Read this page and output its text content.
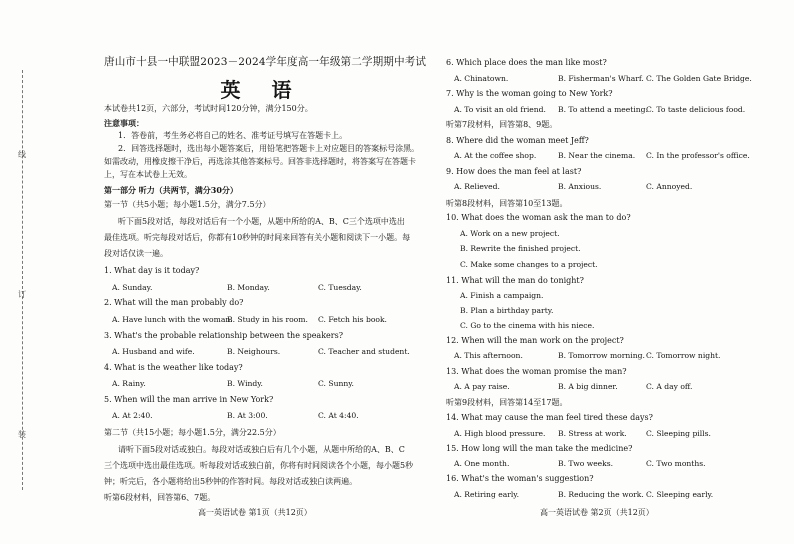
线
订
装
唐山市十县一中联盟2023－2024学年度高一年级第二学期期中考试
英 语
本试卷共12页，六部分，考试时间120分钟，满分150分。
注意事项：
1．答卷前，考生务必将自己的姓名、准考证号填写在答题卡上。
2．回答选择题时，选出每小题答案后，用铅笔把答题卡上对应题目的答案标号涂黑。
如需改动，用橡皮擦干净后，再选涂其他答案标号。回答非选择题时，将答案写在答题卡
上，写在本试卷上无效。
第一部分 听力（共两节，满分30分）
第一节（共5小题；每小题1.5分，满分7.5分）
听下面5段对话，每段对话后有一个小题，从题中所给的A、B、C三个选项中选出
最佳选项。听完每段对话后，你都有10秒钟的时间来回答有关小题和阅读下一小题。每
段对话仅读一遍。
1. What day is it today?
A. Sunday.	B. Monday.	C. Tuesday.
2. What will the man probably do?
A. Have lunch with the woman.
B. Study in his room. C. Fetch his book.
3. What's the probable relationship between the speakers?
A. Husband and wife.	B. Neighours.	C. Teacher and student.
4. What is the weather like today?
A. Rainy.	B. Windy.	C. Sunny.
5. When will the man arrive in New York?
A. At 2:40.	B. At 3:00.	C. At 4:40.
第二节（共15小题；每小题1.5分，满分22.5分）
请听下面5段对话或独白。每段对话或独白后有几个小题，从题中所给的A、B、C
三个选项中选出最佳选项。听每段对话或独白前，你将有时间阅读各个小题，每小题5秒
钟；听完后，各小题将给出5秒钟的作答时间。每段对话或独白读两遍。
听第6段材料，回答第6、7题。
高一英语试卷 第1页（共12页）
6. Which place does the man like most?
A. Chinatown.	B. Fisherman's Wharf. C. The Golden Gate Bridge.
7. Why is the woman going to New York?
A. To visit an old friend. B. To attend a meeting.
C. To taste delicious food.
听第7段材料，回答第8、9题。
8. Where did the woman meet Jeff?
A. At the coffee shop.	B. Near the cinema. C. In the professor's office.
9. How does the man feel at last?
A. Relieved.	B. Anxious.	C. Annoyed.
听第8段材料，回答第10至13题。
10. What does the woman ask the man to do?
A. Work on a new project.
B. Rewrite the finished project.
C. Make some changes to a project.
11. What will the man do tonight?
A. Finish a campaign.
B. Plan a birthday party.
C. Go to the cinema with his niece.
12. When will the man work on the project?
A. This afternoon.	B. Tomorrow morning. C. Tomorrow night.
13. What does the woman promise the man?
A. A pay raise.	B. A big dinner.	C. A day off.
听第9段材料，回答第14至17题。
14. What may cause the man feel tired these days?
A. High blood pressure. B. Stress at work.	C. Sleeping pills.
15. How long will the man take the medicine?
A. One month.	B. Two weeks.	C. Two months.
16. What's the woman's suggestion?
A. Retiring early.	B. Reducing the work. C. Sleeping early.
高一英语试卷 第2页（共12页）
